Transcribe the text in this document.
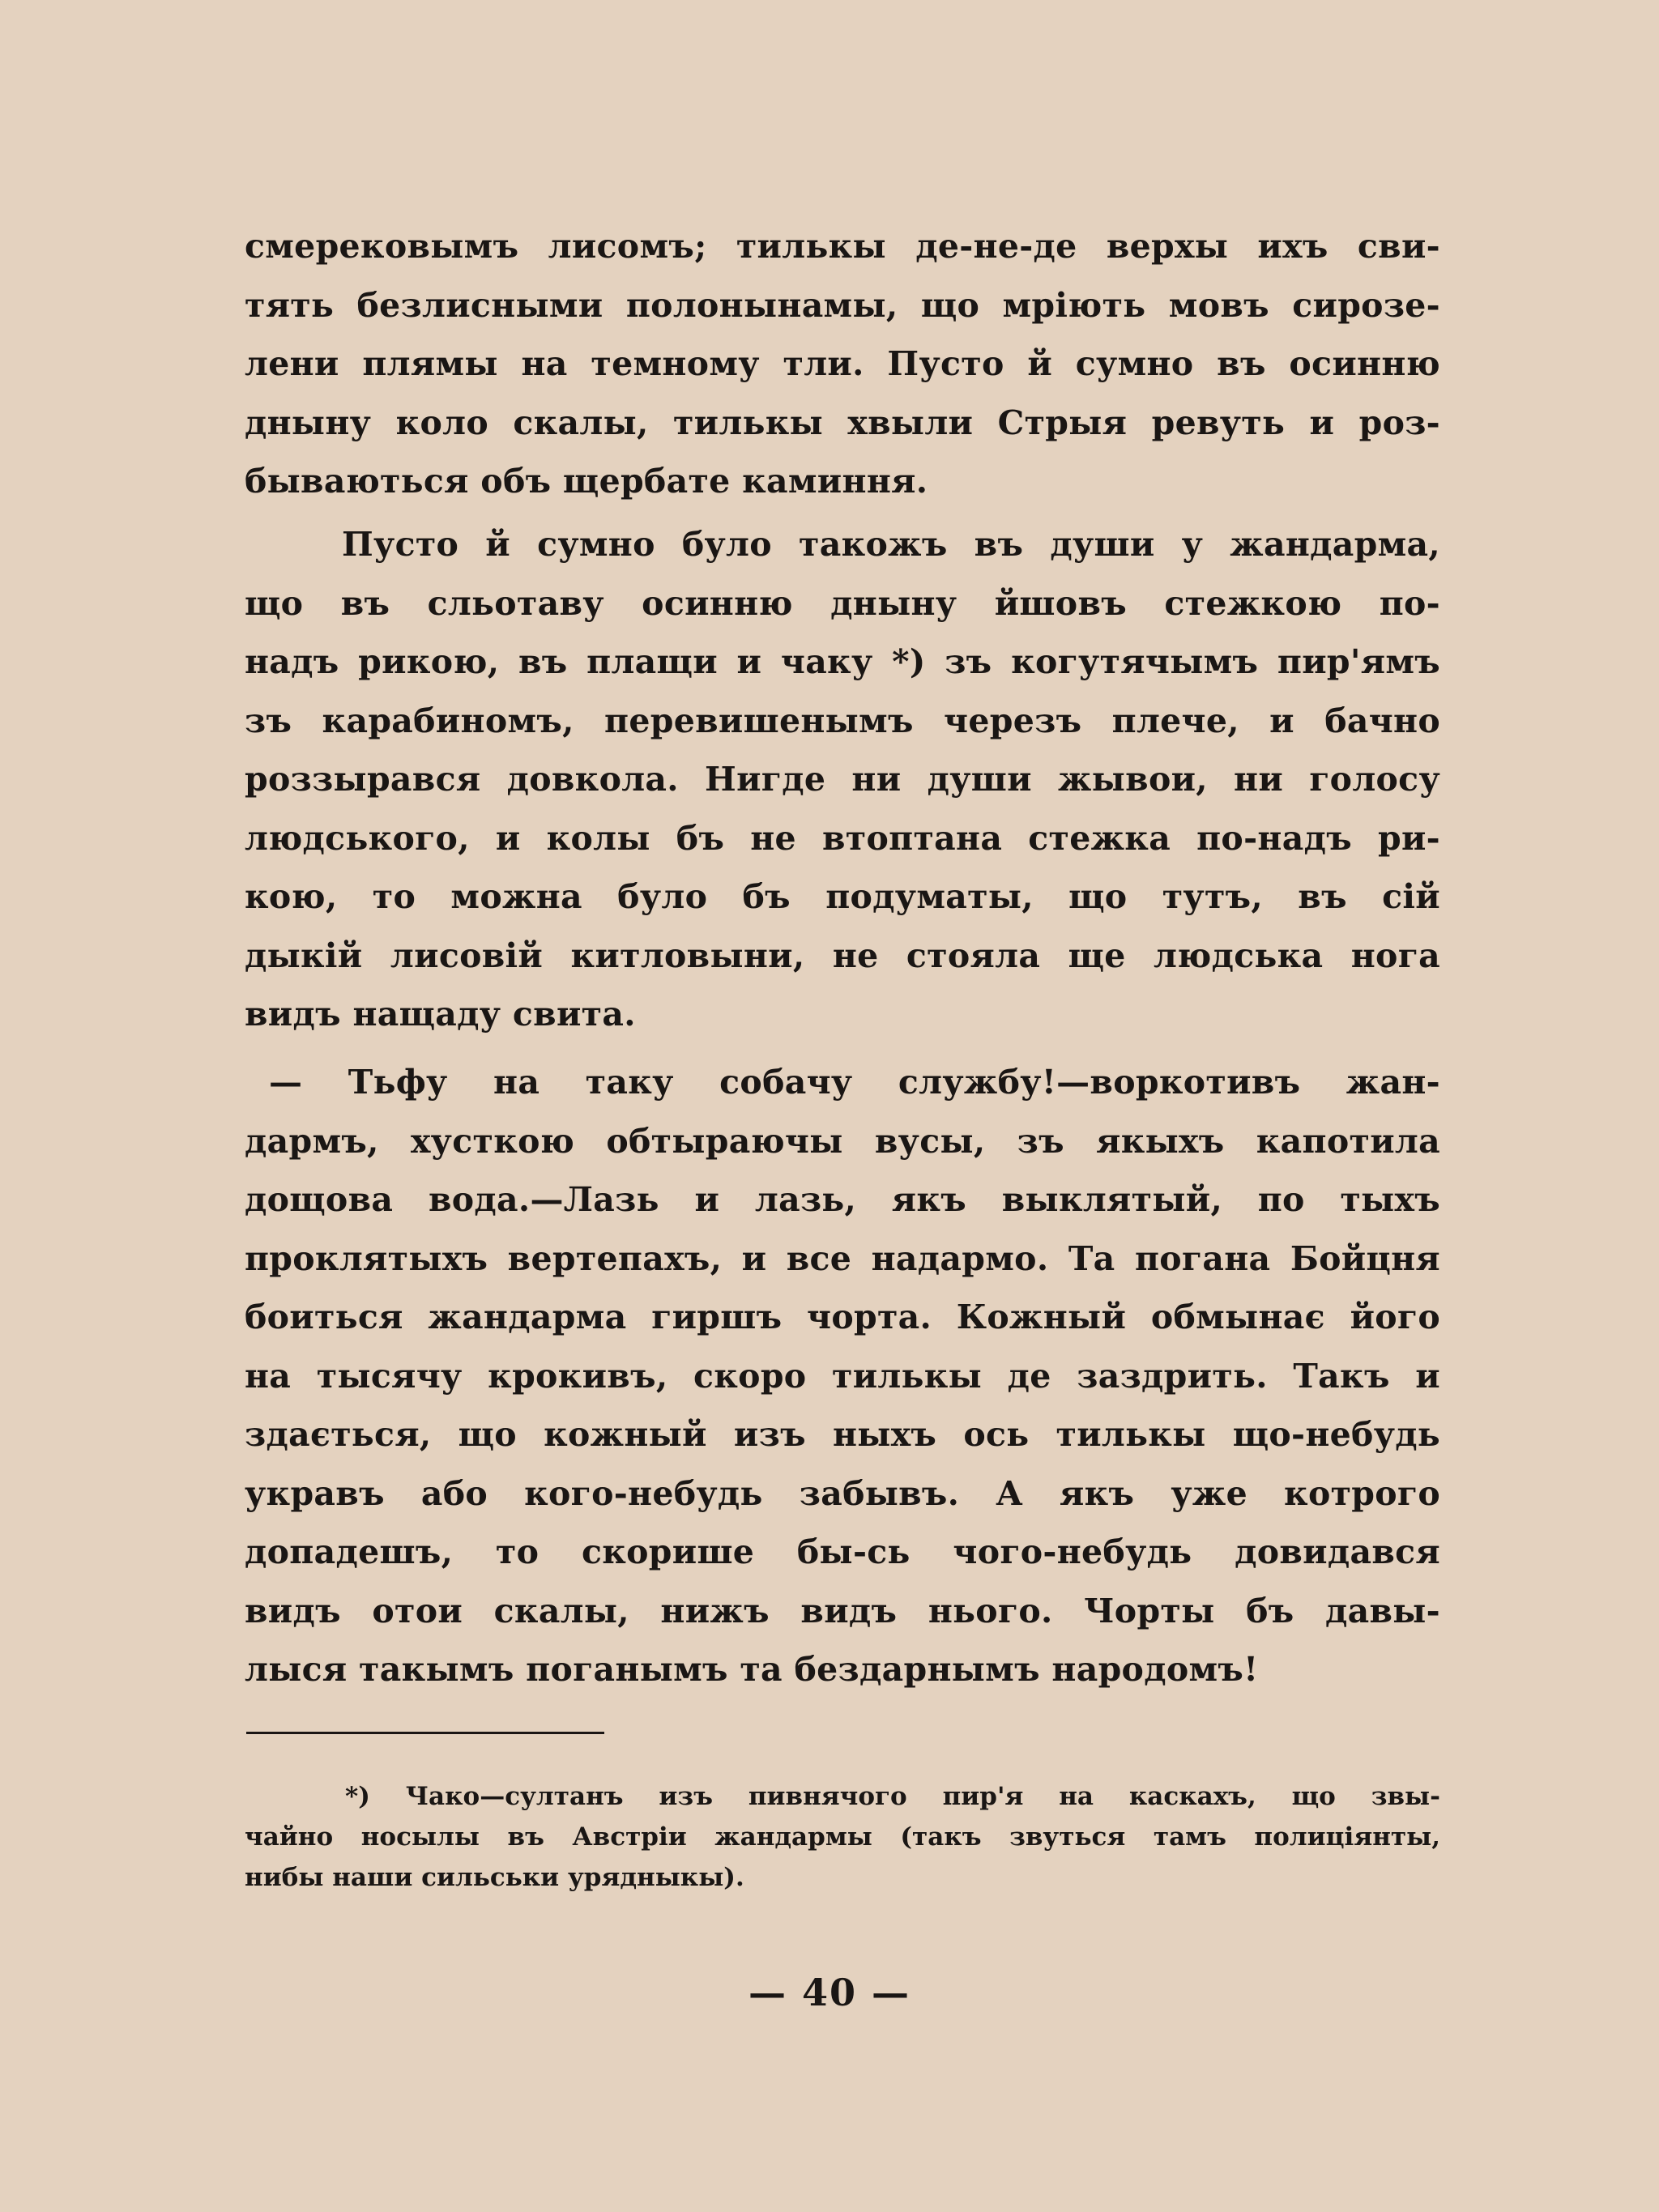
смерековымъ лисомъ; тилькы де-не-де верхы ихъ сви-
тять безлисными полонынамы, що мріють мовъ сирозе-
лени плямы на темному тли. Пусто й сумно въ осинню
дныну коло скалы, тилькы хвыли Стрыя ревуть и роз-
бываються объ щербате каминня.
Пусто й сумно було такожъ въ души у жандарма,
що въ сльотаву осинню дныну йшовъ стежкою по-
надъ рикою, въ плащи и чаку *) зъ когутячымъ пир'ямъ
зъ карабиномъ, перевишенымъ черезъ плече, и бачно
роззырався довкола. Нигде ни души жывои, ни голосу
людського, и колы бъ не втоптана стежка по-надъ ри-
кою, то можна було бъ подуматы, що тутъ, въ сій
дыкій лисовій китловыни, не стояла ще людська нога
видъ нащаду свита.
— Тьфу на таку собачу службу!—воркотивъ жан-
дармъ, хусткою обтыраючы вусы, зъ якыхъ капотила
дощова вода.—Лазь и лазь, якъ выклятый, по тыхъ
проклятыхъ вертепахъ, и все надармо. Та погана Бойцня
боиться жандарма гиршъ чорта. Кожный обмынає його
на тысячу крокивъ, скоро тилькы де заздрить. Такъ и
здається, що кожный изъ ныхъ ось тилькы що-небудь
укравъ або кого-небудь забывъ. А якъ уже котрого
допадешъ, то скорише бы-сь чого-небудь довидався
видъ отои скалы, нижъ видъ нього. Чорты бъ давы-
лыся такымъ поганымъ та бездарнымъ народомъ!
*) Чако—султанъ изъ пивнячого пир'я на каскахъ, що звы-
чайно носылы въ Австріи жандармы (такъ звуться тамъ полиціянты,
нибы наши сильськи урядныкы).
— 40 —
